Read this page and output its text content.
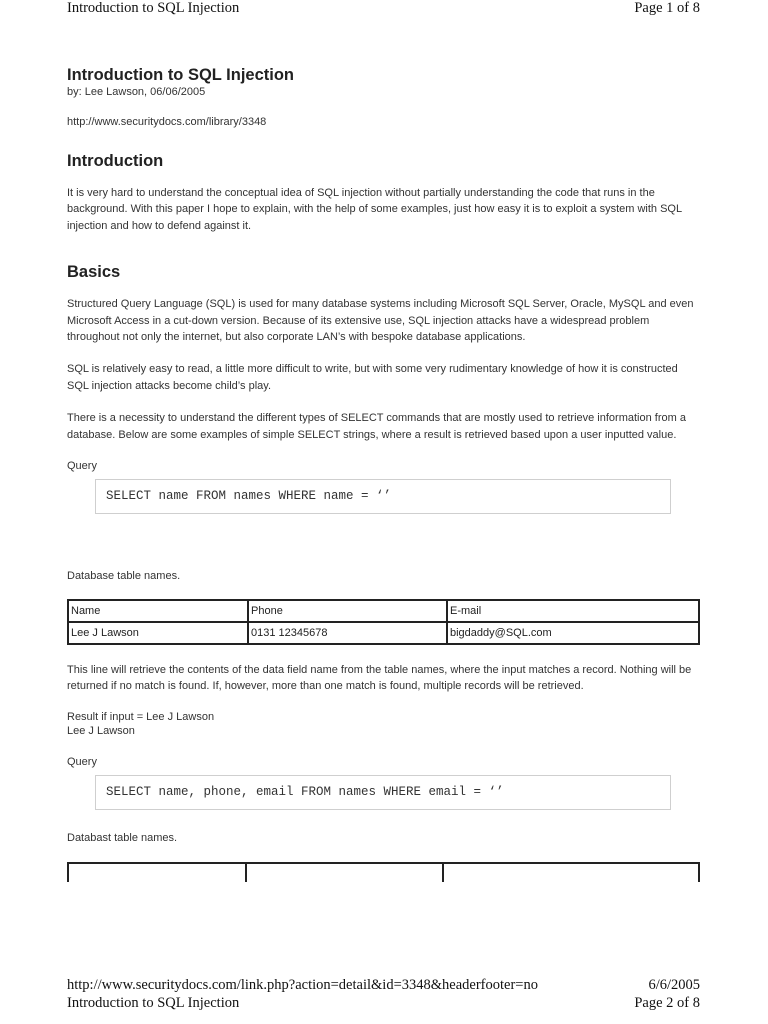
Introduction to SQL Injection	Page 1 of 8
Introduction to SQL Injection
by: Lee Lawson, 06/06/2005
http://www.securitydocs.com/library/3348
Introduction

It is very hard to understand the conceptual idea of SQL injection without partially understanding the code that runs in the background. With this paper I hope to explain, with the help of some examples, just how easy it is to exploit a system with SQL injection and how to defend against it.

Basics

Structured Query Language (SQL) is used for many database systems including Microsoft SQL Server, Oracle, MySQL and even Microsoft Access in a cut-down version. Because of its extensive use, SQL injection attacks have a widespread problem throughout not only the internet, but also corporate LAN’s with bespoke database applications.

SQL is relatively easy to read, a little more difficult to write, but with some very rudimentary knowledge of how it is constructed SQL injection attacks become child’s play.

There is a necessity to understand the different types of SELECT commands that are mostly used to retrieve information from a database. Below are some examples of simple SELECT strings, where a result is retrieved based upon a user inputted value.

Query
SELECT name FROM names WHERE name = ‘’
Database table names.
Name	Phone	E-mail
Lee J Lawson	0131 12345678	bigdaddy@SQL.com

This line will retrieve the contents of the data field name from the table names, where the input matches a record. Nothing will be returned if no match is found. If, however, more than one match is found, multiple records will be retrieved.

Result if input = Lee J Lawson
Lee J Lawson
Query
SELECT name, phone, email FROM names WHERE email = ‘’
Databast table names.
http://www.securitydocs.com/link.php?action=detail&id=3348&headerfooter=no	6/6/2005
Introduction to SQL Injection	Page 2 of 8
